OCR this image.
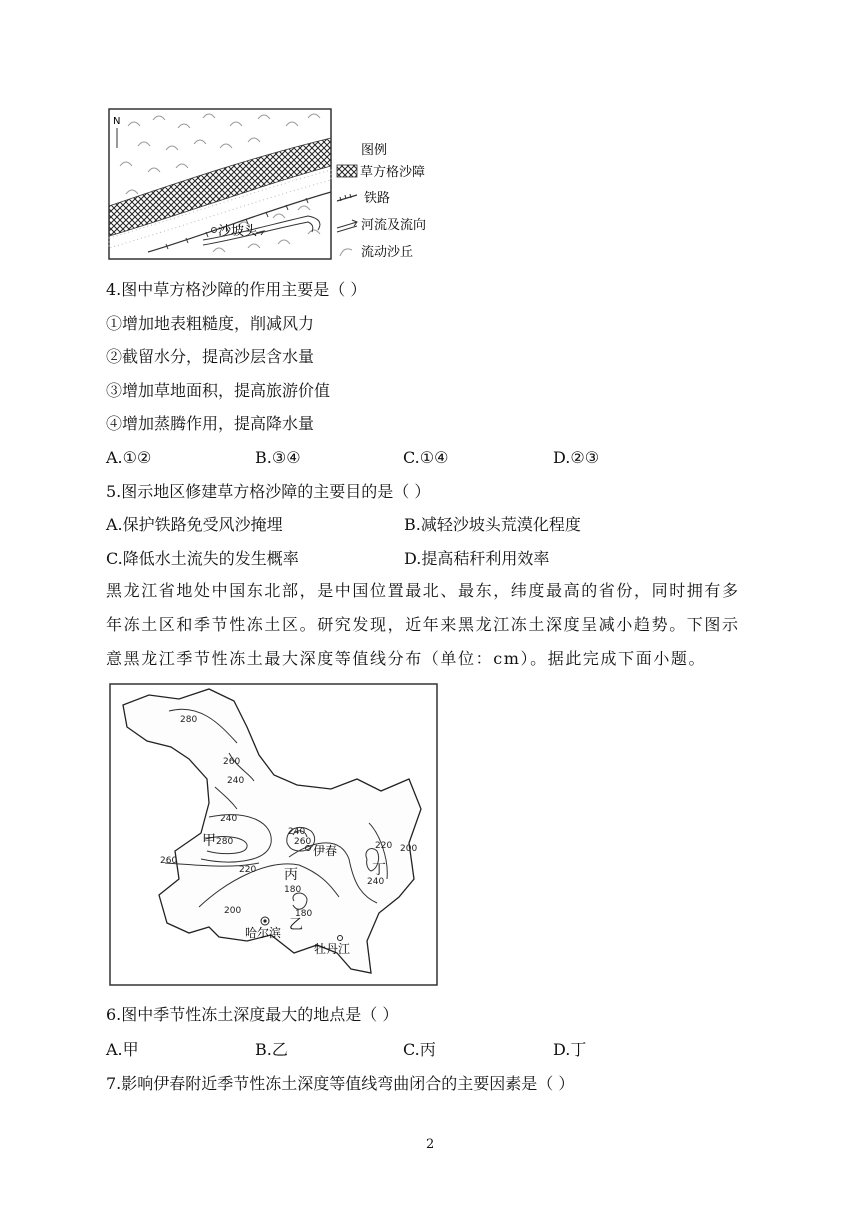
N
沙坡头
图例
草方格沙障
铁路
河流及流向
流动沙丘
4.图中草方格沙障的作用主要是（ ）
①增加地表粗糙度，削减风力
②截留水分，提高沙层含水量
③增加草地面积，提高旅游价值
④增加蒸腾作用，提高降水量
A.①②	B.③④	C.①④	D.②③
5.图示地区修建草方格沙障的主要目的是（ ）
A.保护铁路免受风沙掩埋	B.减轻沙坡头荒漠化程度
C.降低水土流失的发生概率	D.提高秸秆利用效率
黑龙江省地处中国东北部，是中国位置最北、最东，纬度最高的省份，同时拥有多年冻土区和季节性冻土区。研究发现，近年来黑龙江冻土深度呈减小趋势。下图示意黑龙江季节性冻土最大深度等值线分布（单位：cm）。据此完成下面小题。
280
260
240
240
280
260
220
240
260
180
220
200
240
200
180
甲
乙
丙	丁
伊春
哈尔滨
牡丹江
6.图中季节性冻土深度最大的地点是（ ）
A.甲	B.乙	C.丙	D.丁
7.影响伊春附近季节性冻土深度等值线弯曲闭合的主要因素是（ ）
2
